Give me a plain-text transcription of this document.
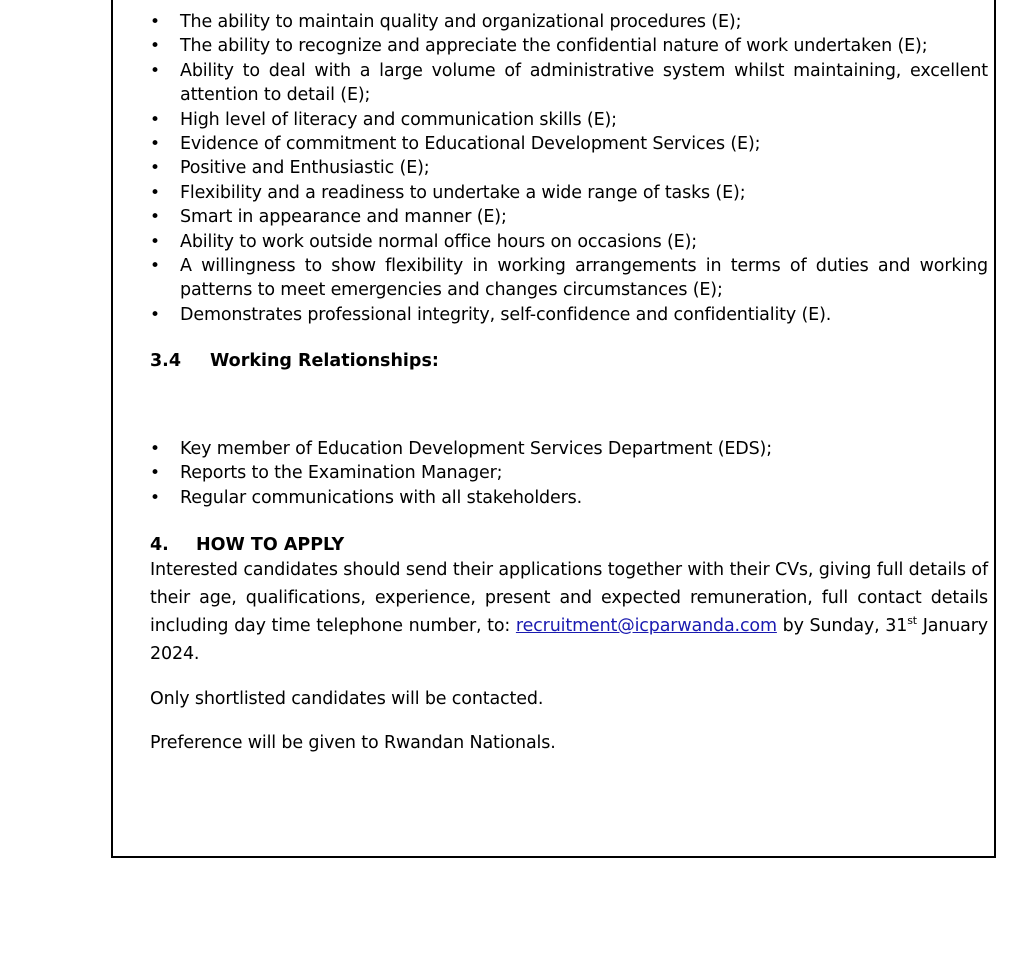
• The ability to maintain quality and organizational procedures (E);
• The ability to recognize and appreciate the confidential nature of work undertaken (E);
• Ability to deal with a large volume of administrative system whilst maintaining, excellent attention to detail (E);
• High level of literacy and communication skills (E);
• Evidence of commitment to Educational Development Services (E);
• Positive and Enthusiastic (E);
• Flexibility and a readiness to undertake a wide range of tasks (E);
• Smart in appearance and manner (E);
• Ability to work outside normal office hours on occasions (E);
• A willingness to show flexibility in working arrangements in terms of duties and working patterns to meet emergencies and changes circumstances (E);
• Demonstrates professional integrity, self-confidence and confidentiality (E).
3.4 Working Relationships:
• Key member of Education Development Services Department (EDS);
• Reports to the Examination Manager;
• Regular communications with all stakeholders.
4. HOW TO APPLY

Interested candidates should send their applications together with their CVs, giving full details of their age, qualifications, experience, present and expected remuneration, full contact details including day time telephone number, to: recruitment@icparwanda.com by Sunday, 31st January 2024.

Only shortlisted candidates will be contacted.

Preference will be given to Rwandan Nationals.
